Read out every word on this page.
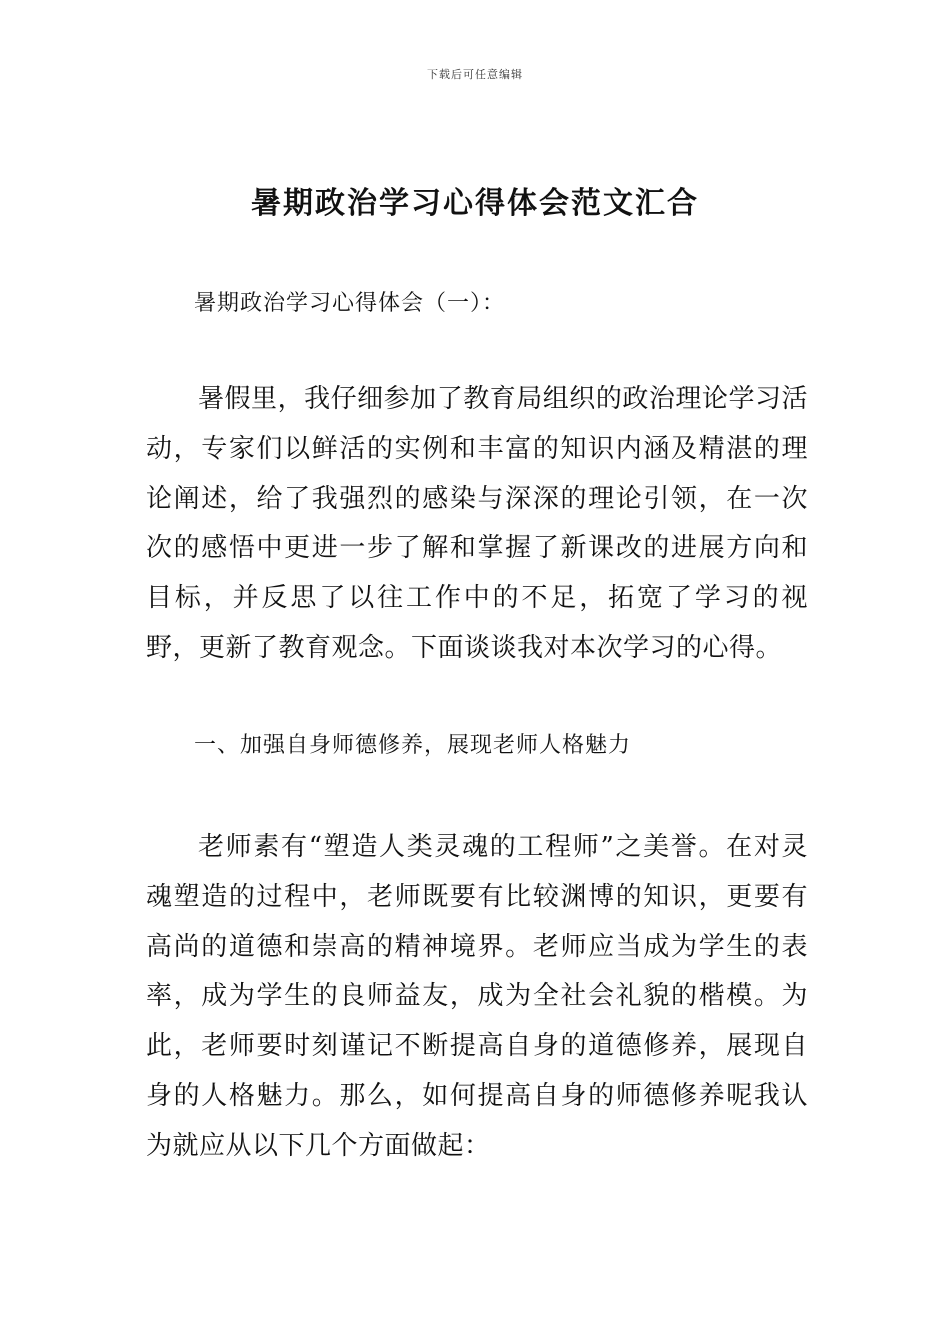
下载后可任意编辑
暑期政治学习心得体会范文汇合
暑期政治学习心得体会（一）：

暑假里，我仔细参加了教育局组织的政治理论学习活动，专家们以鲜活的实例和丰富的知识内涵及精湛的理论阐述，给了我强烈的感染与深深的理论引领，在一次次的感悟中更进一步了解和掌握了新课改的进展方向和目标，并反思了以往工作中的不足，拓宽了学习的视野，更新了教育观念。下面谈谈我对本次学习的心得。

一、加强自身师德修养，展现老师人格魅力

老师素有“塑造人类灵魂的工程师”之美誉。在对灵魂塑造的过程中，老师既要有比较渊博的知识，更要有高尚的道德和崇高的精神境界。老师应当成为学生的表率，成为学生的良师益友，成为全社会礼貌的楷模。为此，老师要时刻谨记不断提高自身的道德修养，展现自身的人格魅力。那么，如何提高自身的师德修养呢我认为就应从以下几个方面做起：
